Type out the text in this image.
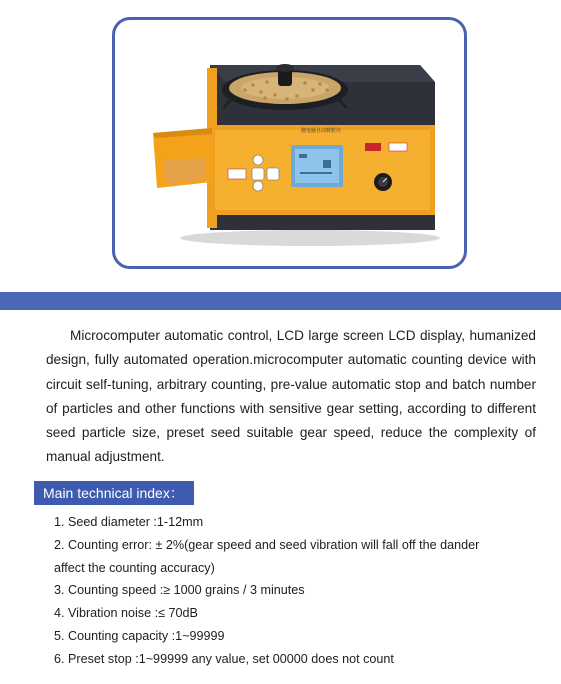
微电脑自动数粒仪

Microcomputer automatic control, LCD large screen LCD display, humanized design, fully automated operation.microcomputer automatic counting device with circuit self-tuning, arbitrary counting, pre-value automatic stop and batch number of particles and other functions with sensitive gear setting, according to different seed particle size, preset seed suitable gear speed, reduce the complexity of manual adjustment.

Main technical index：
1. Seed diameter :1-12mm
2. Counting error: ± 2%(gear speed and seed vibration will fall off the dander
affect the counting accuracy)
3. Counting speed :≥ 1000 grains / 3 minutes
4. Vibration noise :≤ 70dB
5. Counting capacity :1~99999
6. Preset stop :1~99999 any value, set 00000 does not count
